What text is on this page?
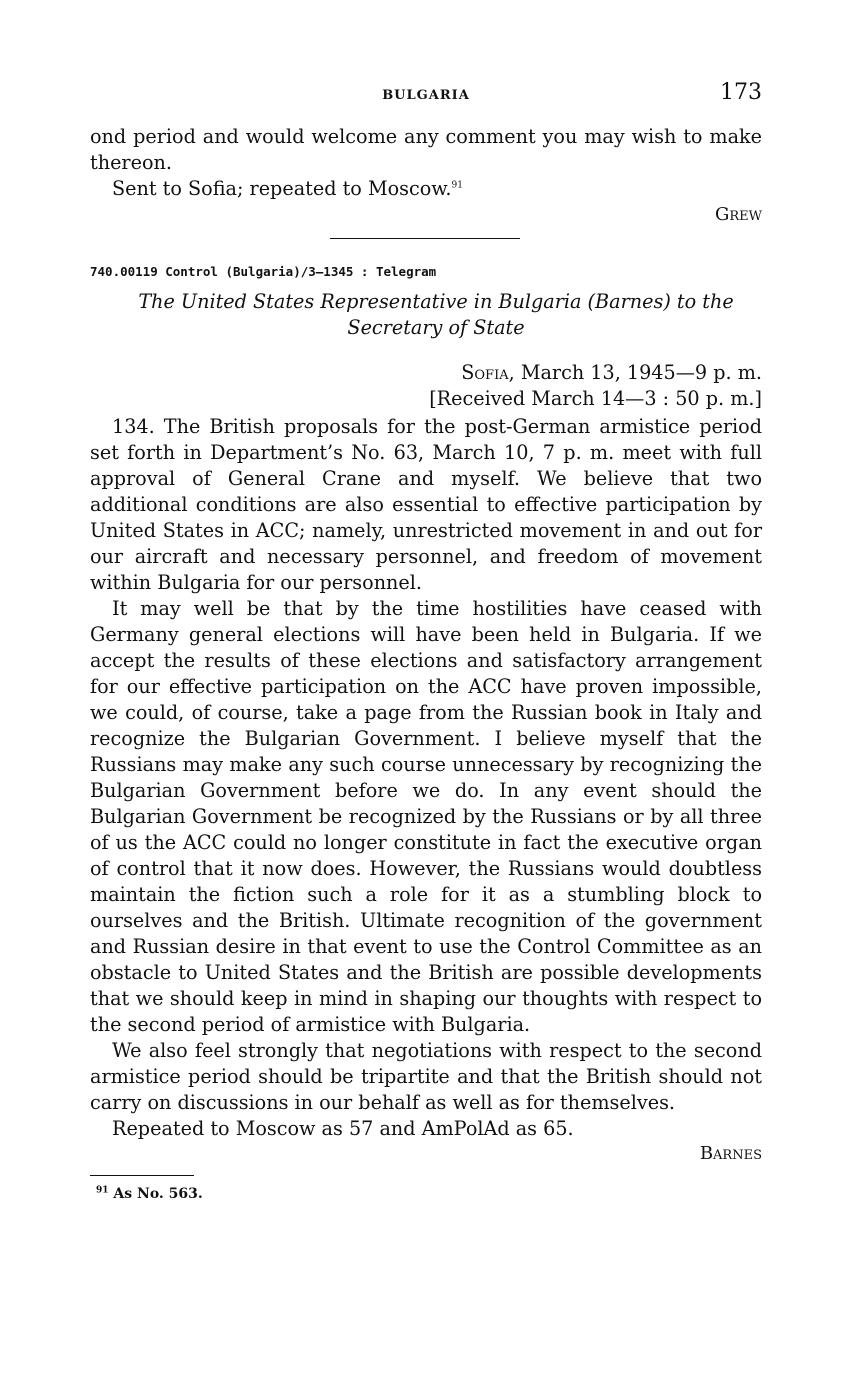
BULGARIA	173

ond period and would welcome any comment you may wish to make thereon.

Sent to Sofia; repeated to Moscow.$^{91}$

Grew
740.00119 Control (Bulgaria)/3–1345 : Telegram
The United States Representative in Bulgaria (Barnes) to the Secretary of State
Sofia, March 13, 1945—9 p. m.
[Received March 14—3 : 50 p. m.]

134. The British proposals for the post-German armistice period set forth in Department’s No. 63, March 10, 7 p. m. meet with full approval of General Crane and myself. We believe that two additional conditions are also essential to effective participation by United States in ACC; namely, unrestricted movement in and out for our aircraft and necessary personnel, and freedom of movement within Bulgaria for our personnel.

It may well be that by the time hostilities have ceased with Germany general elections will have been held in Bulgaria. If we accept the results of these elections and satisfactory arrangement for our effective participation on the ACC have proven impossible, we could, of course, take a page from the Russian book in Italy and recognize the Bulgarian Government. I believe myself that the Russians may make any such course unnecessary by recognizing the Bulgarian Government before we do. In any event should the Bulgarian Government be recognized by the Russians or by all three of us the ACC could no longer constitute in fact the executive organ of control that it now does. However, the Russians would doubtless maintain the fiction such a role for it as a stumbling block to ourselves and the British. Ultimate recognition of the government and Russian desire in that event to use the Control Committee as an obstacle to United States and the British are possible developments that we should keep in mind in shaping our thoughts with respect to the second period of armistice with Bulgaria.

We also feel strongly that negotiations with respect to the second armistice period should be tripartite and that the British should not carry on discussions in our behalf as well as for themselves.

Repeated to Moscow as 57 and AmPolAd as 65.

Barnes
$^{91}$ As No. 563.
